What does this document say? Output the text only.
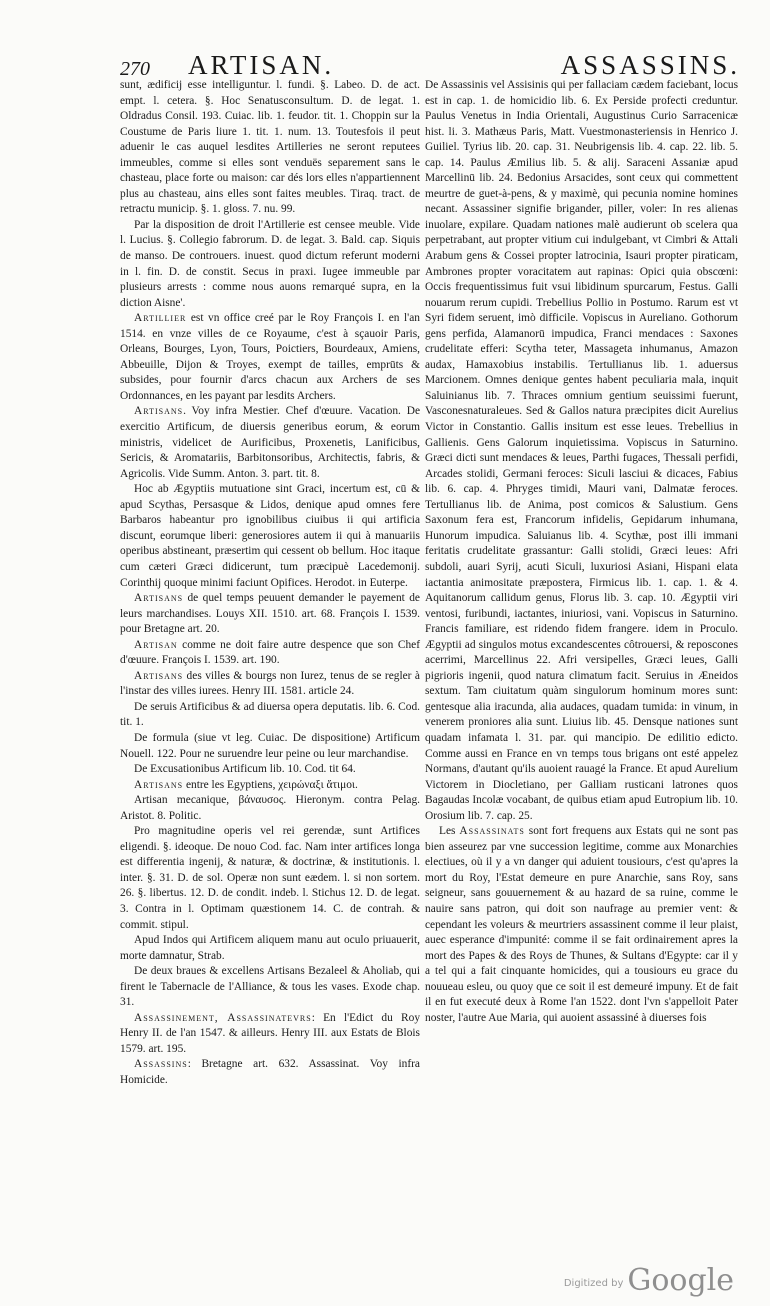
270 ARTISAN.	ASSASSINS.

sunt, ædificij esse intelliguntur. l. fundi. §. Labeo. D. de act. empt. l. cetera. §. Hoc Senatusconsultum. D. de legat. 1. Oldradus Consil. 193. Cuiac. lib. 1. feudor. tit. 1. Choppin sur la Coustume de Paris liure 1. tit. 1. num. 13. Toutesfois il peut aduenir le cas auquel lesdites Artilleries ne seront reputees immeubles, comme si elles sont venduës separement sans le chasteau, place forte ou maison: car dés lors elles n'appartiennent plus au chasteau, ains elles sont faites meubles. Tiraq. tract. de retractu municip. §. 1. gloss. 7. nu. 99.

Par la disposition de droit l'Artillerie est censee meuble. Vide l. Lucius. §. Collegio fabrorum. D. de legat. 3. Bald. cap. Siquis de manso. De controuers. inuest. quod dictum referunt moderni in l. fin. D. de constit. Secus in praxi. Iugee immeuble par plusieurs arrests : comme nous auons remarqué supra, en la diction Aisne'.

Artillier est vn office creé par le Roy François I. en l'an 1514. en vnze villes de ce Royaume, c'est à sçauoir Paris, Orleans, Bourges, Lyon, Tours, Poictiers, Bourdeaux, Amiens, Abbeuille, Dijon & Troyes, exempt de tailles, emprūts & subsides, pour fournir d'arcs chacun aux Archers de ses Ordonnances, en les payant par lesdits Archers.

Artisans. Voy infra Mestier. Chef d'œuure. Vacation. De exercitio Artificum, de diuersis generibus eorum, & eorum ministris, videlicet de Aurificibus, Proxenetis, Lanificibus, Sericis, & Aromatariis, Barbitonsoribus, Architectis, fabris, & Agricolis. Vide Summ. Anton. 3. part. tit. 8.

Hoc ab Ægyptiis mutuatione sint Graci, incertum est, cū & apud Scythas, Persasque & Lidos, denique apud omnes fere Barbaros habeantur pro ignobilibus ciuibus ii qui artificia discunt, eorumque liberi: generosiores autem ii qui à manuariis operibus abstineant, præsertim qui cessent ob bellum. Hoc itaque cum cæteri Græci didicerunt, tum præcipuè Lacedemonij. Corinthij quoque minimi faciunt Opifices. Herodot. in Euterpe.

Artisans de quel temps peuuent demander le payement de leurs marchandises. Louys XII. 1510. art. 68. François I. 1539. pour Bretagne art. 20.

Artisan comme ne doit faire autre despence que son Chef d'œuure. François I. 1539. art. 190.

Artisans des villes & bourgs non Iurez, tenus de se regler à l'instar des villes iurees. Henry III. 1581. article 24.

De seruis Artificibus & ad diuersa opera deputatis. lib. 6. Cod. tit. 1.

De formula (siue vt leg. Cuiac. De dispositione) Artificum Nouell. 122. Pour ne suruendre leur peine ou leur marchandise.

De Excusationibus Artificum lib. 10. Cod. tit 64.

Artisans entre les Egyptiens, χειρώναξι ἄτιμοι.

Artisan mecanique, βάναυσος. Hieronym. contra Pelag. Aristot. 8. Politic.

Pro magnitudine operis vel rei gerendæ, sunt Artifices eligendi. §. ideoque. De nouo Cod. fac. Nam inter artifices longa est differentia ingenij, & naturæ, & doctrinæ, & institutionis. l. inter. §. 31. D. de sol. Operæ non sunt eædem. l. si non sortem. 26. §. libertus. 12. D. de condit. indeb. l. Stichus 12. D. de legat. 3. Contra in l. Optimam quæstionem 14. C. de contrah. & commit. stipul.

Apud Indos qui Artificem aliquem manu aut oculo priuauerit, morte damnatur, Strab.

De deux braues & excellens Artisans Bezaleel & Aholiab, qui firent le Tabernacle de l'Alliance, & tous les vases. Exode chap. 31.

Assassinement, Assassinatevrs: En l'Edict du Roy Henry II. de l'an 1547. & ailleurs. Henry III. aux Estats de Blois 1579. art. 195.

Assassins: Bretagne art. 632. Assassinat. Voy infra Homicide.

De Assassinis vel Assisinis qui per fallaciam cædem faciebant, locus est in cap. 1. de homicidio lib. 6. Ex Perside profecti creduntur. Paulus Venetus in India Orientali, Augustinus Curio Sarracenicæ hist. li. 3. Mathæus Paris, Matt. Vuestmonasteriensis in Henrico J. Guiliel. Tyrius lib. 20. cap. 31. Neubrigensis lib. 4. cap. 22. lib. 5. cap. 14. Paulus Æmilius lib. 5. & alij. Saraceni Assaniæ apud Marcellinū lib. 24. Bedonius Arsacides, sont ceux qui commettent meurtre de guet-à-pens, & y maximè, qui pecunia nomine homines necant. Assassiner signifie brigander, piller, voler: In res alienas inuolare, expilare. Quadam nationes malè audierunt ob scelera qua perpetrabant, aut propter vitium cui indulgebant, vt Cimbri & Attali Arabum gens & Cossei propter latrocinia, Isauri propter piraticam, Ambrones propter voracitatem aut rapinas: Opici quia obscœni: Occis frequentissimus fuit vsui libidinum spurcarum, Festus. Galli nouarum rerum cupidi. Trebellius Pollio in Postumo. Rarum est vt Syri fidem seruent, imò difficile. Vopiscus in Aureliano. Gothorum gens perfida, Alamanorū impudica, Franci mendaces : Saxones crudelitate efferi: Scytha teter, Massageta inhumanus, Amazon audax, Hamaxobius instabilis. Tertullianus lib. 1. aduersus Marcionem. Omnes denique gentes habent peculiaria mala, inquit Saluinianus lib. 7. Thraces omnium gentium seuissimi fuerunt, Vasconesnaturaleues. Sed & Gallos natura præcipites dicit Aurelius Victor in Constantio. Gallis insitum est esse leues. Trebellius in Gallienis. Gens Galorum inquietissima. Vopiscus in Saturnino. Græci dicti sunt mendaces & leues, Parthi fugaces, Thessali perfidi, Arcades stolidi, Germani feroces: Siculi lasciui & dicaces, Fabius lib. 6. cap. 4. Phryges timidi, Mauri vani, Dalmatæ feroces. Tertullianus lib. de Anima, post comicos & Salustium. Gens Saxonum fera est, Francorum infidelis, Gepidarum inhumana, Hunorum impudica. Saluianus lib. 4. Scythæ, post illi immani feritatis crudelitate grassantur: Galli stolidi, Græci leues: Afri subdoli, auari Syrij, acuti Siculi, luxuriosi Asiani, Hispani elata iactantia animositate præpostera, Firmicus lib. 1. cap. 1. & 4. Aquitanorum callidum genus, Florus lib. 3. cap. 10. Ægyptii viri ventosi, furibundi, iactantes, iniuriosi, vani. Vopiscus in Saturnino. Francis familiare, est ridendo fidem frangere. idem in Proculo. Ægyptii ad singulos motus excandescentes côtrouersi, & reposcones acerrimi, Marcellinus 22. Afri versipelles, Græci leues, Galli pigrioris ingenii, quod natura climatum facit. Seruius in Æneidos sextum. Tam ciuitatum quàm singulorum hominum mores sunt: gentesque alia iracunda, alia audaces, quadam tumida: in vinum, in venerem proniores alia sunt. Liuius lib. 45. Densque nationes sunt quadam infamata l. 31. par. qui mancipio. De edilitio edicto. Comme aussi en France en vn temps tous brigans ont esté appelez Normans, d'autant qu'ils auoient rauagé la France. Et apud Aurelium Victorem in Diocletiano, per Galliam rusticani latrones quos Bagaudas Incolæ vocabant, de quibus etiam apud Eutropium lib. 10. Orosium lib. 7. cap. 25.

Les Assassinats sont fort frequens aux Estats qui ne sont pas bien asseurez par vne succession legitime, comme aux Monarchies electiues, où il y a vn danger qui aduient tousiours, c'est qu'apres la mort du Roy, l'Estat demeure en pure Anarchie, sans Roy, sans seigneur, sans gouuernement & au hazard de sa ruine, comme le nauire sans patron, qui doit son naufrage au premier vent: & cependant les voleurs & meurtriers assassinent comme il leur plaist, auec esperance d'impunité: comme il se fait ordinairement apres la mort des Papes & des Roys de Thunes, & Sultans d'Egypte: car il y a tel qui a fait cinquante homicides, qui a tousiours eu grace du nouueau esleu, ou quoy que ce soit il est demeuré impuny. Et de fait il en fut executé deux à Rome l'an 1522. dont l'vn s'appelloit Pater noster, l'autre Aue Maria, qui auoient assassiné à diuerses fois

$^{Digitized by}$ Google
